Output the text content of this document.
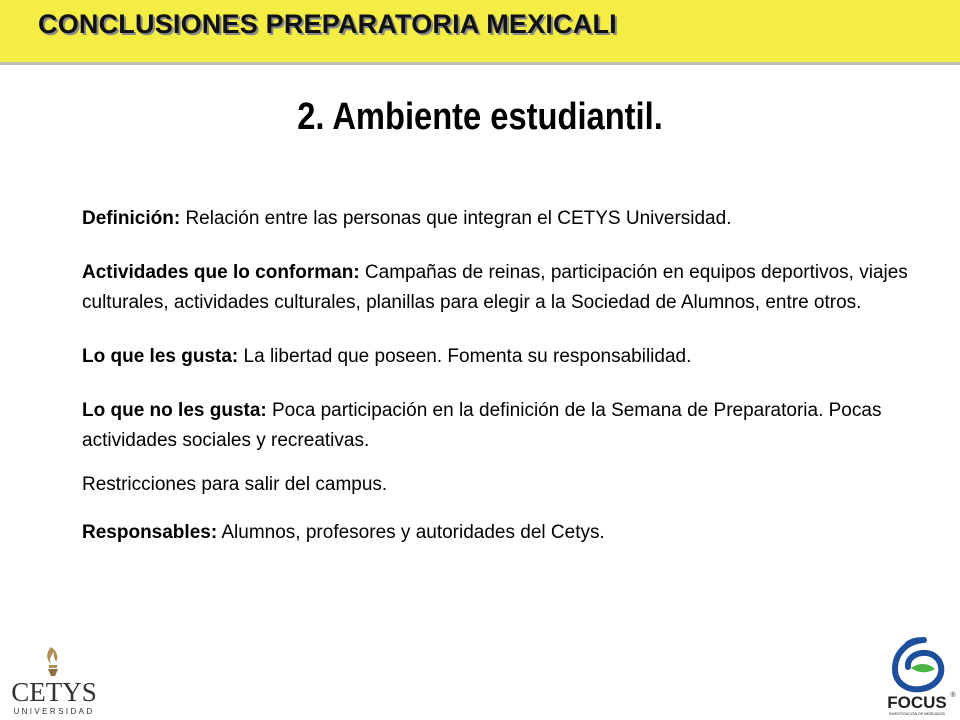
CONCLUSIONES PREPARATORIA MEXICALI
2. Ambiente estudiantil.

Definición: Relación entre las personas que integran el CETYS Universidad.

Actividades que lo conforman: Campañas de reinas, participación en equipos deportivos, viajes culturales, actividades culturales, planillas para elegir a la Sociedad de Alumnos, entre otros.

Lo que les gusta: La libertad que poseen. Fomenta su responsabilidad.

Lo que no les gusta: Poca participación en la definición de la Semana de Preparatoria. Pocas actividades sociales y recreativas.

Restricciones para salir del campus.

Responsables: Alumnos, profesores y autoridades del Cetys.

CETYS
UNIVERSIDAD	FOCUS ®
INVESTIGACIÓN DE MERCADOS
